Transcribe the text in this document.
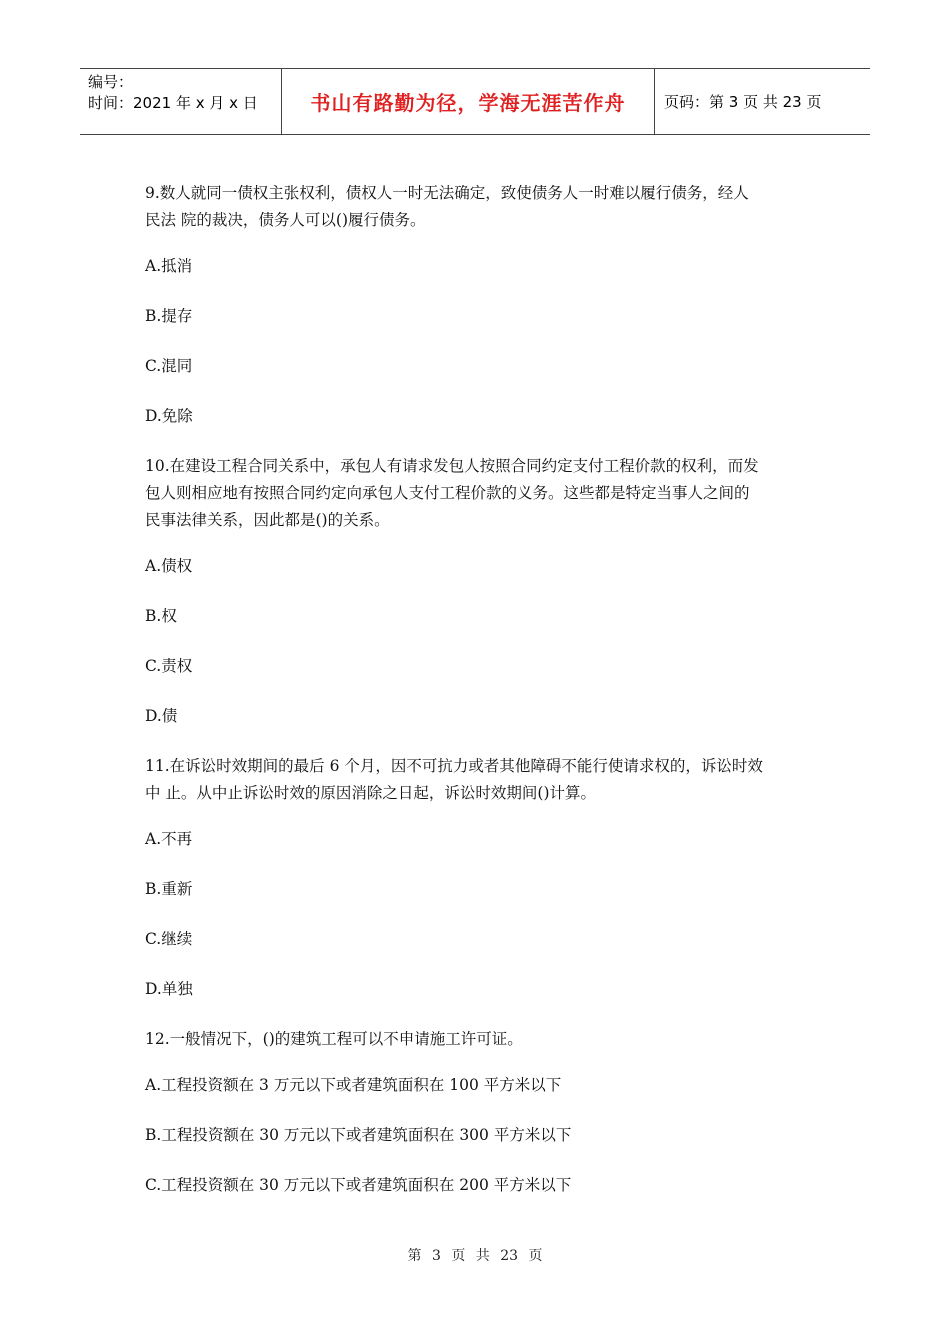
编号：
时间：2021 年 x 月 x 日	书山有路勤为径，学海无涯苦作舟	页码：第 3 页 共 23 页
9.数人就同一债权主张权利，债权人一时无法确定，致使债务人一时难以履行债务，经人
民法 院的裁决，债务人可以()履行债务。
A.抵消
B.提存
C.混同
D.免除
10.在建设工程合同关系中，承包人有请求发包人按照合同约定支付工程价款的权利，而发
包人则相应地有按照合同约定向承包人支付工程价款的义务。这些都是特定当事人之间的
民事法律关系，因此都是()的关系。
A.债权
B.权
C.责权
D.债
11.在诉讼时效期间的最后 6 个月，因不可抗力或者其他障碍不能行使请求权的，诉讼时效
中 止。从中止诉讼时效的原因消除之日起，诉讼时效期间()计算。
A.不再
B.重新
C.继续
D.单独
12.一般情况下，()的建筑工程可以不申请施工许可证。
A.工程投资额在 3 万元以下或者建筑面积在 100 平方米以下
B.工程投资额在 30 万元以下或者建筑面积在 300 平方米以下
C.工程投资额在 30 万元以下或者建筑面积在 200 平方米以下
第 3 页 共 23 页
